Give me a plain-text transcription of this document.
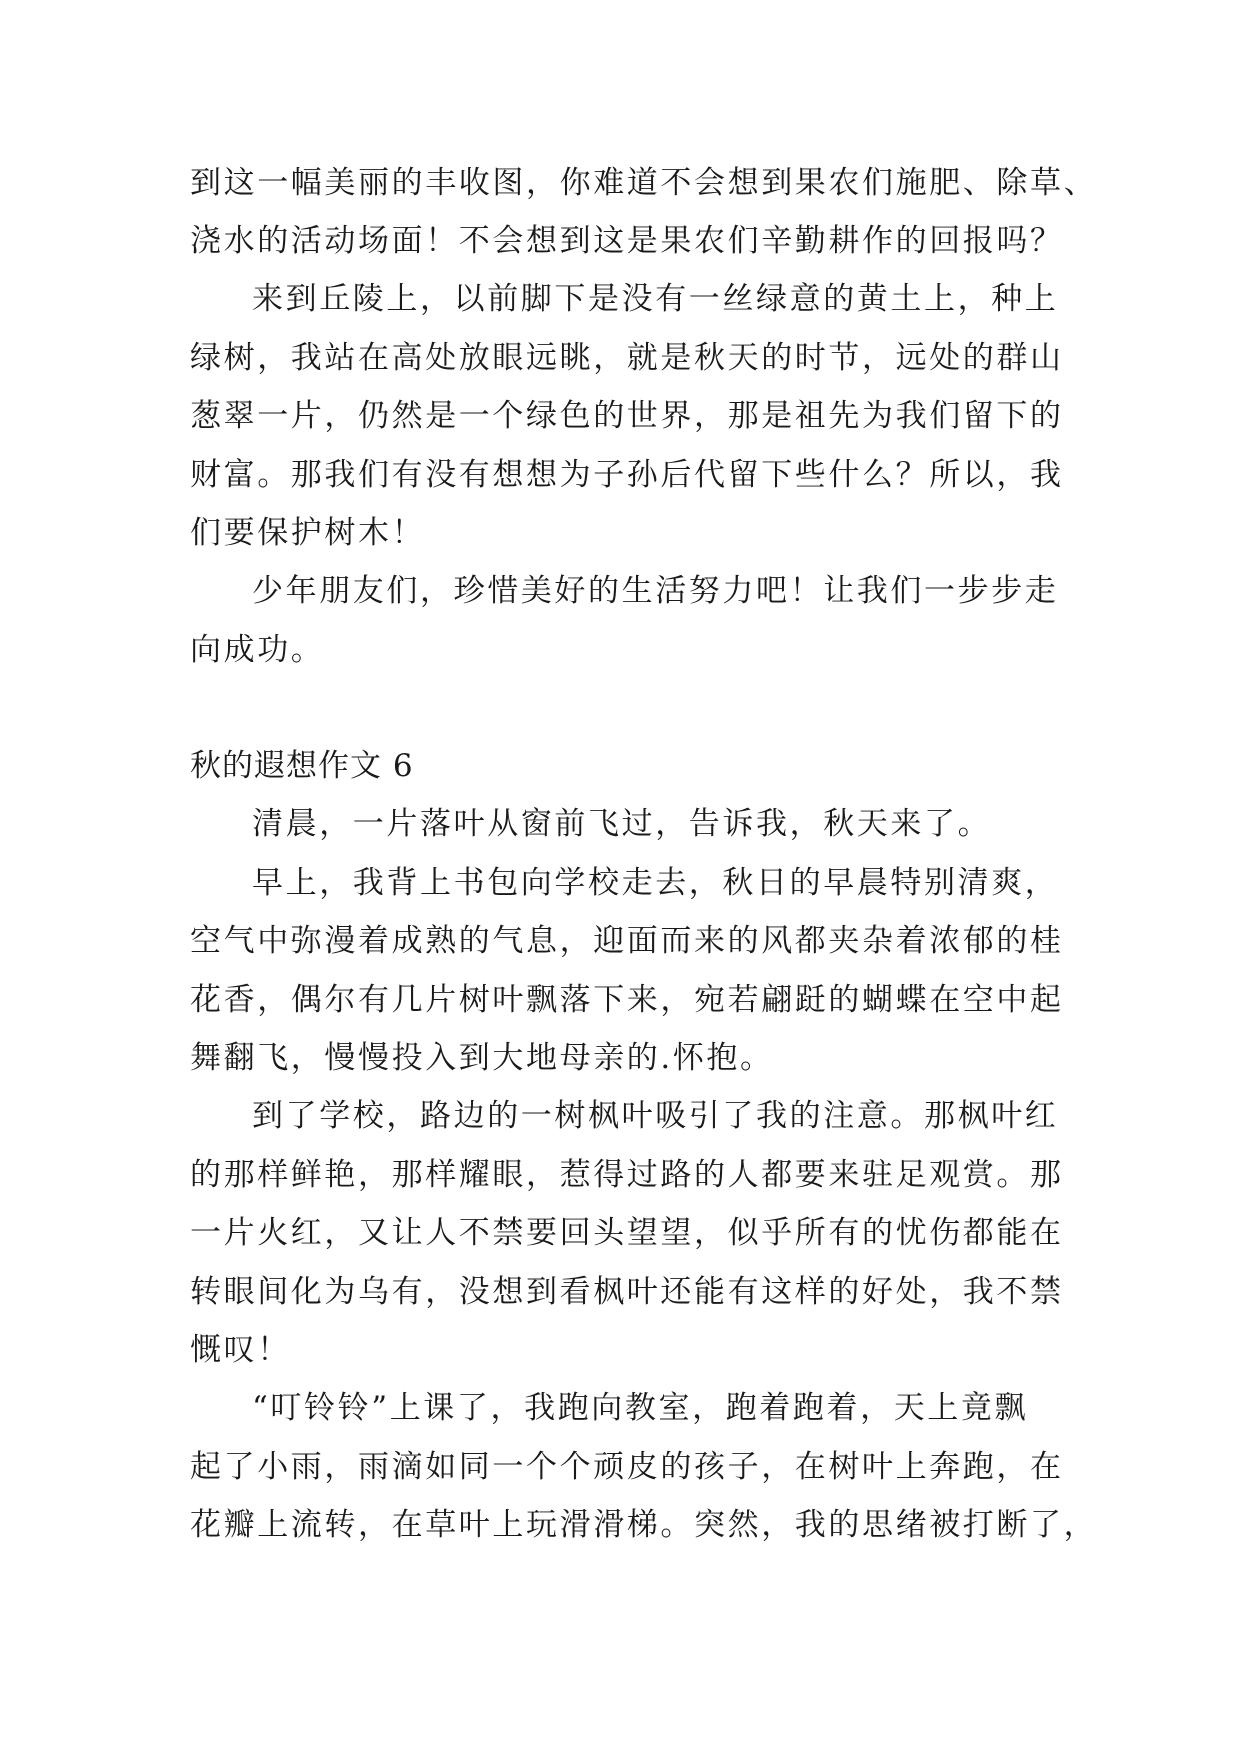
到这一幅美丽的丰收图，你难道不会想到果农们施肥、除草、
浇水的活动场面！不会想到这是果农们辛勤耕作的回报吗？
来到丘陵上，以前脚下是没有一丝绿意的黄土上，种上
绿树，我站在高处放眼远眺，就是秋天的时节，远处的群山
葱翠一片，仍然是一个绿色的世界，那是祖先为我们留下的
财富。那我们有没有想想为子孙后代留下些什么？所以，我
们要保护树木！
少年朋友们，珍惜美好的生活努力吧！让我们一步步走
向成功。
秋的遐想作文 6
清晨，一片落叶从窗前飞过，告诉我，秋天来了。
早上，我背上书包向学校走去，秋日的早晨特别清爽，
空气中弥漫着成熟的气息，迎面而来的风都夹杂着浓郁的桂
花香，偶尔有几片树叶飘落下来，宛若翩跹的蝴蝶在空中起
舞翻飞，慢慢投入到大地母亲的.怀抱。
到了学校，路边的一树枫叶吸引了我的注意。那枫叶红
的那样鲜艳，那样耀眼，惹得过路的人都要来驻足观赏。那
一片火红，又让人不禁要回头望望，似乎所有的忧伤都能在
转眼间化为乌有，没想到看枫叶还能有这样的好处，我不禁
慨叹！
“叮铃铃”上课了，我跑向教室，跑着跑着，天上竟飘
起了小雨，雨滴如同一个个顽皮的孩子，在树叶上奔跑，在
花瓣上流转，在草叶上玩滑滑梯。突然，我的思绪被打断了，
